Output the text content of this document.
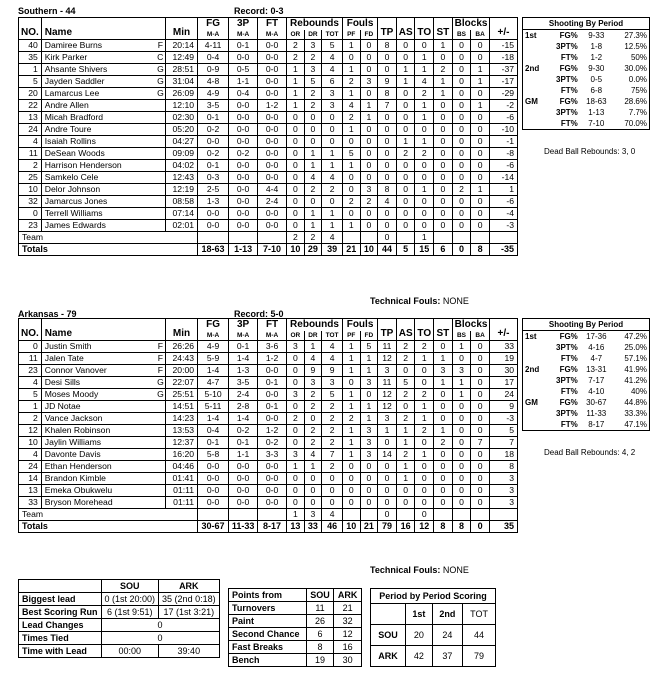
Southern - 44	Record: 0-3
NO.	Name		Min	FG	3P	FT	Rebounds			Fouls		TP	AS	TO	ST	Blocks		+/-
				M-A	M-A	M-A	OR	DR	TOT	PF	FD					BS	BA	
40	Damiree Burns	F	20:14	4-11	0-1	0-0	2	3	5	1	0	8	0	0	1	0	0	-15
35	Kirk Parker	C	12:49	0-4	0-0	0-0	2	2	4	0	0	0	0	1	0	0	0	-18
1	Ahsante Shivers	G	28:51	0-9	0-5	0-0	1	3	4	1	0	0	1	1	2	0	1	-37
5	Jayden Saddler	G	31:04	4-8	1-1	0-0	1	5	6	2	3	9	1	4	1	0	1	-17
20	Lamarcus Lee	G	26:09	4-9	0-4	0-0	1	2	3	1	0	8	0	2	1	0	0	-29
22	Andre Allen		12:10	3-5	0-0	1-2	1	2	3	4	1	7	0	1	0	0	1	-2
13	Micah Bradford		02:30	0-1	0-0	0-0	0	0	0	2	1	0	0	1	0	0	0	-6
24	Andre Toure		05:20	0-2	0-0	0-0	0	0	0	1	0	0	0	0	0	0	0	-10
4	Isaiah Rollins		04:27	0-0	0-0	0-0	0	0	0	0	0	0	1	1	0	0	0	-1
11	DeSean Woods		09:09	0-2	0-2	0-0	0	1	1	5	0	0	2	2	0	0	0	-8
2	Harrison Henderson		04:02	0-1	0-0	0-0	0	1	1	1	0	0	0	0	0	0	0	-6
25	Samkelo Cele		12:43	0-3	0-0	0-0	0	4	4	0	0	0	0	0	0	0	0	-14
10	Delor Johnson		12:19	2-5	0-0	4-4	0	2	2	0	3	8	0	1	0	2	1	1
32	Jamarcus Jones		08:58	1-3	0-0	2-4	0	0	0	2	2	4	0	0	0	0	0	-6
0	Terrell Williams		07:14	0-0	0-0	0-0	0	1	1	0	0	0	0	0	0	0	0	-4
23	James Edwards		02:01	0-0	0-0	0-0	0	1	1	1	0	0	0	0	0	0	0	-3
Team							2	2	4			0		1				
Totals				18-63	1-13	7-10	10	29	39	21	10	44	5	15	6	0	8	-35
Technical Fouls: NONE
Shooting By Period			
1st	FG%	9-33	27.3%
	3PT%	1-8	12.5%
	FT%	1-2	50%
2nd	FG%	9-30	30.0%
	3PT%	0-5	0.0%
	FT%	6-8	75%
GM	FG%	18-63	28.6%
	3PT%	1-13	7.7%
	FT%	7-10	70.0%
Dead Ball Rebounds: 3, 0
Arkansas - 79	Record: 5-0
NO.	Name		Min	FG	3P	FT	Rebounds			Fouls		TP	AS	TO	ST	Blocks		+/-
				M-A	M-A	M-A	OR	DR	TOT	PF	FD					BS	BA	
0	Justin Smith	F	26:26	4-9	0-1	3-6	3	1	4	1	5	11	2	2	0	1	0	33
11	Jalen Tate	F	24:43	5-9	1-4	1-2	0	4	4	1	1	12	2	1	1	0	0	19
23	Connor Vanover	F	20:00	1-4	1-3	0-0	0	9	9	1	1	3	0	0	3	3	0	30
4	Desi Sills	G	22:07	4-7	3-5	0-1	0	3	3	0	3	11	5	0	1	1	0	17
5	Moses Moody	G	25:51	5-10	2-4	0-0	3	2	5	1	0	12	2	2	0	1	0	24
1	JD Notae		14:51	5-11	2-8	0-1	0	2	2	1	1	12	0	1	0	0	0	9
2	Vance Jackson		14:23	1-4	1-4	0-0	2	0	2	2	1	3	2	1	0	0	0	-3
12	Khalen Robinson		13:53	0-4	0-2	1-2	0	2	2	1	3	1	1	2	1	0	0	5
10	Jaylin Williams		12:37	0-1	0-1	0-2	0	2	2	1	3	0	1	0	2	0	7	7
4	Davonte Davis		16:20	5-8	1-1	3-3	3	4	7	1	3	14	2	1	0	0	0	18
24	Ethan Henderson		04:46	0-0	0-0	0-0	1	1	2	0	0	0	1	0	0	0	0	8
14	Brandon Kimble		01:41	0-0	0-0	0-0	0	0	0	0	0	0	1	0	0	0	0	3
13	Emeka Obukwelu		01:11	0-0	0-0	0-0	0	0	0	0	0	0	0	0	0	0	0	3
33	Bryson Morehead		01:11	0-0	0-0	0-0	0	0	0	0	0	0	0	0	0	0	0	3
Team							1	3	4			0		0				
Totals				30-67	11-33	8-17	13	33	46	10	21	79	16	12	8	8	0	35
Technical Fouls: NONE
Shooting By Period			
1st	FG%	17-36	47.2%
	3PT%	4-16	25.0%
	FT%	4-7	57.1%
2nd	FG%	13-31	41.9%
	3PT%	7-17	41.2%
	FT%	4-10	40%
GM	FG%	30-67	44.8%
	3PT%	11-33	33.3%
	FT%	8-17	47.1%
Dead Ball Rebounds: 4, 2
	SOU	ARK
Biggest lead	0 (1st 20:00)	35 (2nd 0:18)
Best Scoring Run	6 (1st 9:51)	17 (1st 3:21)
Lead Changes	0	
Times Tied	0	
Time with Lead	00:00	39:40
Points from	SOU	ARK
Turnovers	11	21
Paint	26	32
Second Chance	6	12
Fast Breaks	8	16
Bench	19	30
Period by Period Scoring			
	1st	2nd	TOT
SOU	20	24	44
ARK	42	37	79
